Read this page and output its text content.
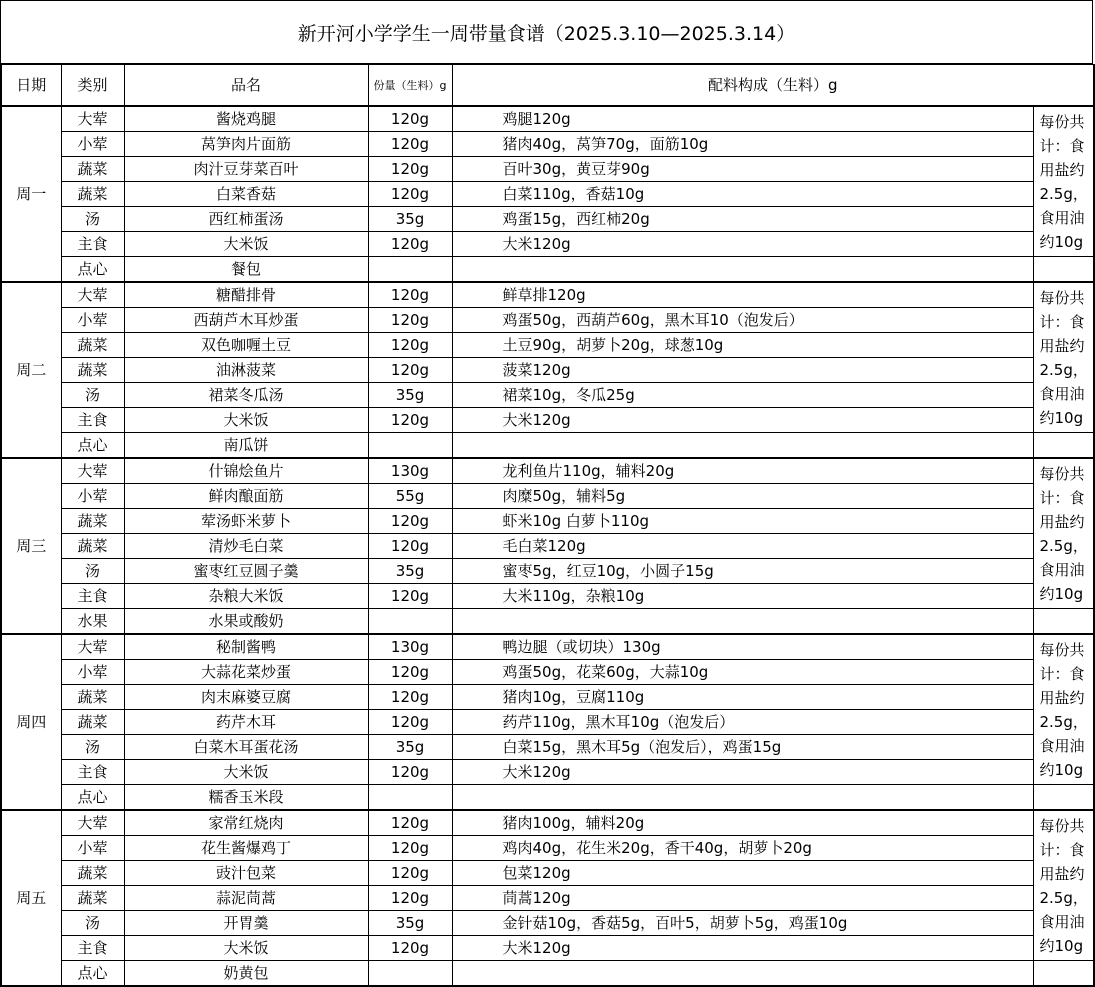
新开河小学学生一周带量食谱（2025.3.10—2025.3.14）
日期	类别	品名	份量（生料）g	配料构成（生料）g	
周一	大荤	酱烧鸡腿	120g	鸡腿120g	每份共计：食用盐约2.5g，食用油约10g
	小荤	莴笋肉片面筋	120g	猪肉40g，莴笋70g，面筋10g	
	蔬菜	肉汁豆芽菜百叶	120g	百叶30g，黄豆芽90g	
	蔬菜	白菜香菇	120g	白菜110g，香菇10g	
	汤	西红柿蛋汤	35g	鸡蛋15g，西红柿20g	
	主食	大米饭	120g	大米120g	
	点心	餐包			
周二	大荤	糖醋排骨	120g	鲜草排120g	每份共计：食用盐约2.5g，食用油约10g
	小荤	西葫芦木耳炒蛋	120g	鸡蛋50g，西葫芦60g，黑木耳10（泡发后）	
	蔬菜	双色咖喱土豆	120g	土豆90g，胡萝卜20g，球葱10g	
	蔬菜	油淋菠菜	120g	菠菜120g	
	汤	裙菜冬瓜汤	35g	裙菜10g，冬瓜25g	
	主食	大米饭	120g	大米120g	
	点心	南瓜饼			
周三	大荤	什锦烩鱼片	130g	龙利鱼片110g，辅料20g	每份共计：食用盐约2.5g，食用油约10g
	小荤	鲜肉酿面筋	55g	肉糜50g，辅料5g	
	蔬菜	荤汤虾米萝卜	120g	虾米10g 白萝卜110g	
	蔬菜	清炒毛白菜	120g	毛白菜120g	
	汤	蜜枣红豆圆子羹	35g	蜜枣5g，红豆10g，小圆子15g	
	主食	杂粮大米饭	120g	大米110g，杂粮10g	
	水果	水果或酸奶			
周四	大荤	秘制酱鸭	130g	鸭边腿（或切块）130g	每份共计：食用盐约2.5g，食用油约10g
	小荤	大蒜花菜炒蛋	120g	鸡蛋50g，花菜60g，大蒜10g	
	蔬菜	肉末麻婆豆腐	120g	猪肉10g，豆腐110g	
	蔬菜	药芹木耳	120g	药芹110g，黑木耳10g（泡发后）	
	汤	白菜木耳蛋花汤	35g	白菜15g，黑木耳5g（泡发后），鸡蛋15g	
	主食	大米饭	120g	大米120g	
	点心	糯香玉米段			
周五	大荤	家常红烧肉	120g	猪肉100g，辅料20g	每份共计：食用盐约2.5g，食用油约10g
	小荤	花生酱爆鸡丁	120g	鸡肉40g，花生米20g，香干40g，胡萝卜20g	
	蔬菜	豉汁包菜	120g	包菜120g	
	蔬菜	蒜泥茼蒿	120g	茼蒿120g	
	汤	开胃羹	35g	金针菇10g，香菇5g，百叶5，胡萝卜5g，鸡蛋10g	
	主食	大米饭	120g	大米120g	
	点心	奶黄包			
